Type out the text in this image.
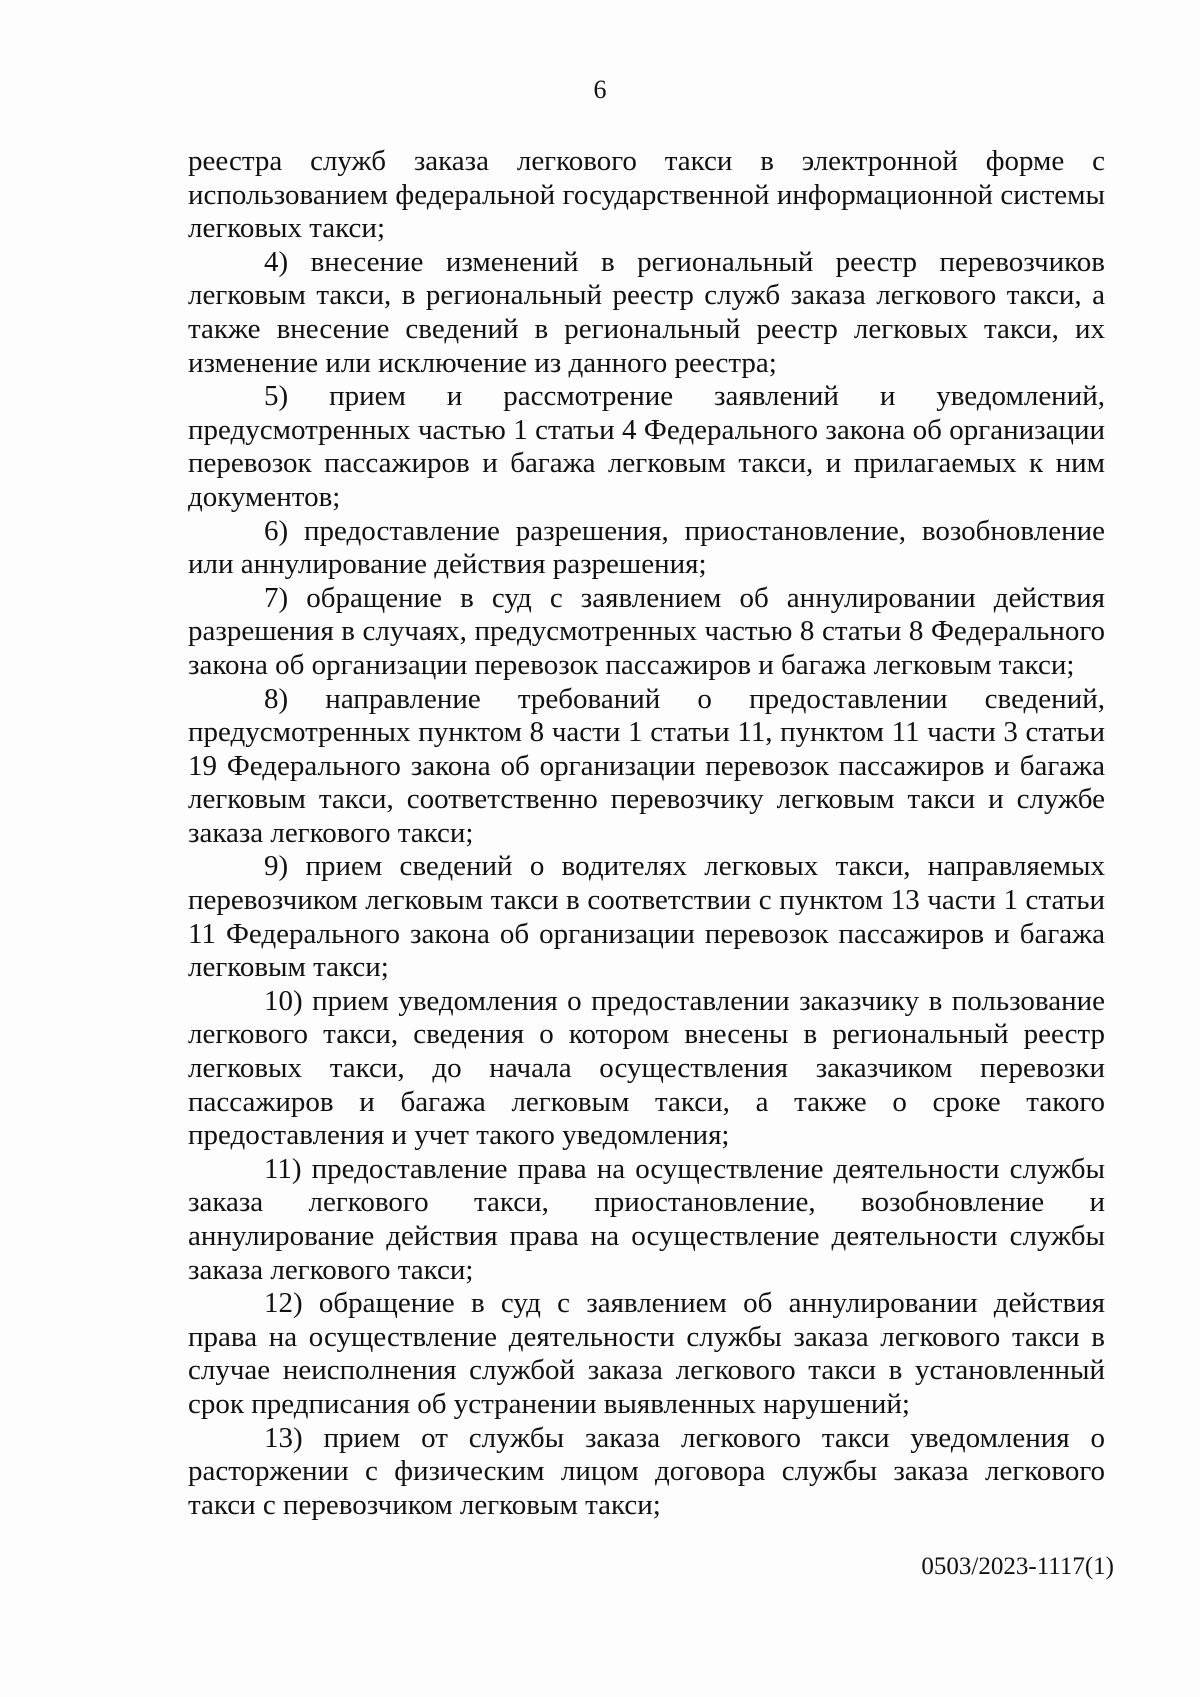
6

реестра служб заказа легкового такси в электронной форме с использованием федеральной государственной информационной системы легковых такси;

4) внесение изменений в региональный реестр перевозчиков легковым такси, в региональный реестр служб заказа легкового такси, а также внесение сведений в региональный реестр легковых такси, их изменение или исключение из данного реестра;

5) прием и рассмотрение заявлений и уведомлений, предусмотренных частью 1 статьи 4 Федерального закона об организации перевозок пассажиров и багажа легковым такси, и прилагаемых к ним документов;

6) предоставление разрешения, приостановление, возобновление или аннулирование действия разрешения;

7) обращение в суд с заявлением об аннулировании действия разрешения в случаях, предусмотренных частью 8 статьи 8 Федерального закона об организации перевозок пассажиров и багажа легковым такси;

8) направление требований о предоставлении сведений, предусмотренных пунктом 8 части 1 статьи 11, пунктом 11 части 3 статьи 19 Федерального закона об организации перевозок пассажиров и багажа легковым такси, соответственно перевозчику легковым такси и службе заказа легкового такси;

9) прием сведений о водителях легковых такси, направляемых перевозчиком легковым такси в соответствии с пунктом 13 части 1 статьи 11 Федерального закона об организации перевозок пассажиров и багажа легковым такси;

10) прием уведомления о предоставлении заказчику в пользование легкового такси, сведения о котором внесены в региональный реестр легковых такси, до начала осуществления заказчиком перевозки пассажиров и багажа легковым такси, а также о сроке такого предоставления и учет такого уведомления;

11) предоставление права на осуществление деятельности службы заказа легкового такси, приостановление, возобновление и аннулирование действия права на осуществление деятельности службы заказа легкового такси;

12) обращение в суд с заявлением об аннулировании действия права на осуществление деятельности службы заказа легкового такси в случае неисполнения службой заказа легкового такси в установленный срок предписания об устранении выявленных нарушений;

13) прием от службы заказа легкового такси уведомления о расторжении с физическим лицом договора службы заказа легкового такси с перевозчиком легковым такси;

0503/2023-1117(1)
